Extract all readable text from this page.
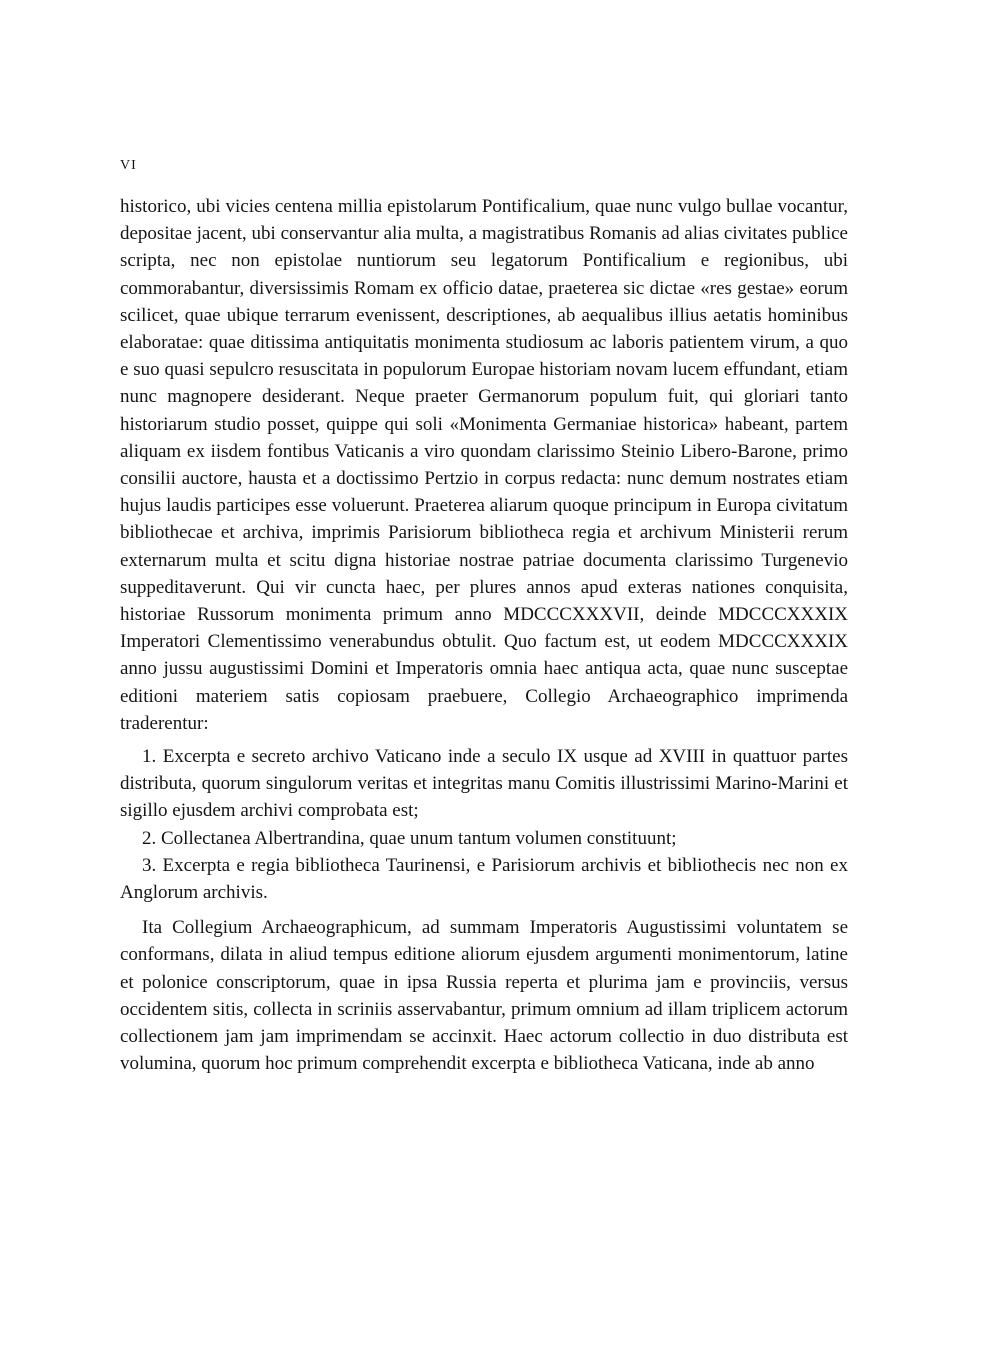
VI

historico, ubi vicies centena millia epistolarum Pontificalium, quae nunc vulgo bullae vocantur, depositae jacent, ubi conservantur alia multa, a magistratibus Romanis ad alias civitates publice scripta, nec non epistolae nuntiorum seu legatorum Pontificalium e regionibus, ubi commorabantur, diversissimis Romam ex officio datae, praeterea sic dictae «res gestae» eorum scilicet, quae ubique terrarum evenissent, descriptiones, ab aequalibus illius aetatis hominibus elaboratae: quae ditissima antiquitatis monimenta studiosum ac laboris patientem virum, a quo e suo quasi sepulcro resuscitata in populorum Europae historiam novam lucem effundant, etiam nunc magnopere desiderant. Neque praeter Germanorum populum fuit, qui gloriari tanto historiarum studio posset, quippe qui soli «Monimenta Germaniae historica» habeant, partem aliquam ex iisdem fontibus Vaticanis a viro quondam clarissimo Steinio Libero-Barone, primo consilii auctore, hausta et a doctissimo Pertzio in corpus redacta: nunc demum nostrates etiam hujus laudis participes esse voluerunt. Praeterea aliarum quoque principum in Europa civitatum bibliothecae et archiva, imprimis Parisiorum bibliotheca regia et archivum Ministerii rerum externarum multa et scitu digna historiae nostrae patriae documenta clarissimo Turgenevio suppeditaverunt. Qui vir cuncta haec, per plures annos apud exteras nationes conquisita, historiae Russorum monimenta primum anno MDCCCXXXVII, deinde MDCCCXXXIX Imperatori Clementissimo venerabundus obtulit. Quo factum est, ut eodem MDCCCXXXIX anno jussu augustissimi Domini et Imperatoris omnia haec antiqua acta, quae nunc susceptae editioni materiem satis copiosam praebuere, Collegio Archaeographico imprimenda traderentur:

1. Excerpta e secreto archivo Vaticano inde a seculo IX usque ad XVIII in quattuor partes distributa, quorum singulorum veritas et integritas manu Comitis illustrissimi Marino-Marini et sigillo ejusdem archivi comprobata est;

2. Collectanea Albertrandina, quae unum tantum volumen constituunt;

3. Excerpta e regia bibliotheca Taurinensi, e Parisiorum archivis et bibliothecis nec non ex Anglorum archivis.

Ita Collegium Archaeographicum, ad summam Imperatoris Augustissimi voluntatem se conformans, dilata in aliud tempus editione aliorum ejusdem argumenti monimentorum, latine et polonice conscriptorum, quae in ipsa Russia reperta et plurima jam e provinciis, versus occidentem sitis, collecta in scriniis asservabantur, primum omnium ad illam triplicem actorum collectionem jam jam imprimendam se accinxit. Haec actorum collectio in duo distributa est volumina, quorum hoc primum comprehendit excerpta e bibliotheca Vaticana, inde ab anno
